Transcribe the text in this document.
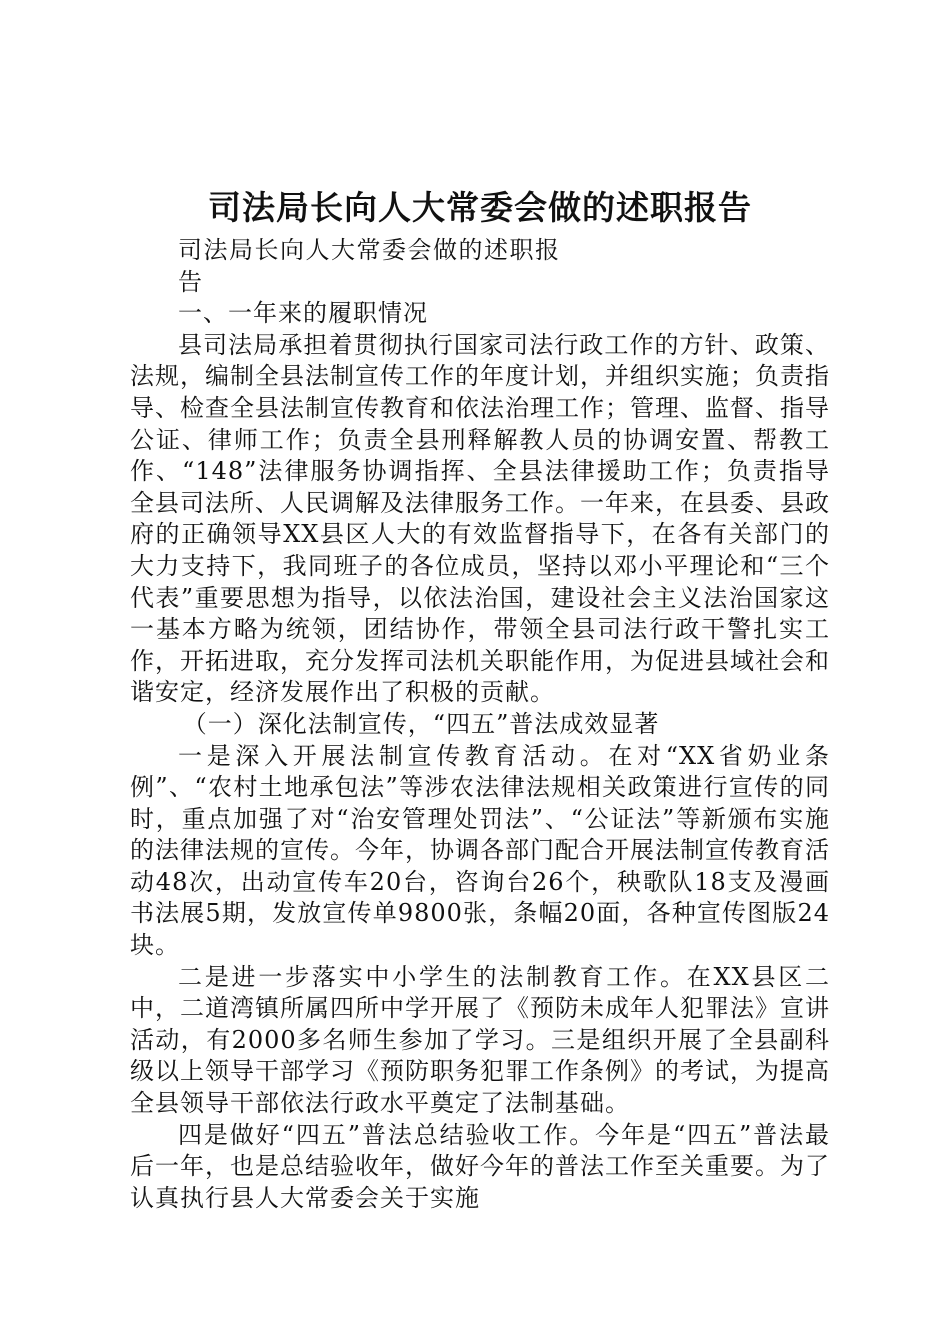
司法局长向人大常委会做的述职报告

司法局长向人大常委会做的述职报告

一、一年来的履职情况

县司法局承担着贯彻执行国家司法行政工作的方针、政策、法规，编制全县法制宣传工作的年度计划，并组织实施；负责指导、检查全县法制宣传教育和依法治理工作；管理、监督、指导公证、律师工作；负责全县刑释解教人员的协调安置、帮教工作、“148”法律服务协调指挥、全县法律援助工作；负责指导全县司法所、人民调解及法律服务工作。一年来，在县委、县政府的正确领导XX县区人大的有效监督指导下，在各有关部门的大力支持下，我同班子的各位成员，坚持以邓小平理论和“三个代表”重要思想为指导，以依法治国，建设社会主义法治国家这一基本方略为统领，团结协作，带领全县司法行政干警扎实工作，开拓进取，充分发挥司法机关职能作用，为促进县域社会和谐安定，经济发展作出了积极的贡献。

（一）深化法制宣传，“四五”普法成效显著

一是深入开展法制宣传教育活动。在对“XX省奶业条例”、“农村土地承包法”等涉农法律法规相关政策进行宣传的同时，重点加强了对“治安管理处罚法”、“公证法”等新颁布实施的法律法规的宣传。今年，协调各部门配合开展法制宣传教育活动48次，出动宣传车20台，咨询台26个，秧歌队18支及漫画书法展5期，发放宣传单9800张，条幅20面，各种宣传图版24块。

二是进一步落实中小学生的法制教育工作。在XX县区二中，二道湾镇所属四所中学开展了《预防未成年人犯罪法》宣讲活动，有2000多名师生参加了学习。三是组织开展了全县副科级以上领导干部学习《预防职务犯罪工作条例》的考试，为提高全县领导干部依法行政水平奠定了法制基础。

四是做好“四五”普法总结验收工作。今年是“四五”普法最后一年，也是总结验收年，做好今年的普法工作至关重要。为了认真执行县人大常委会关于实施
